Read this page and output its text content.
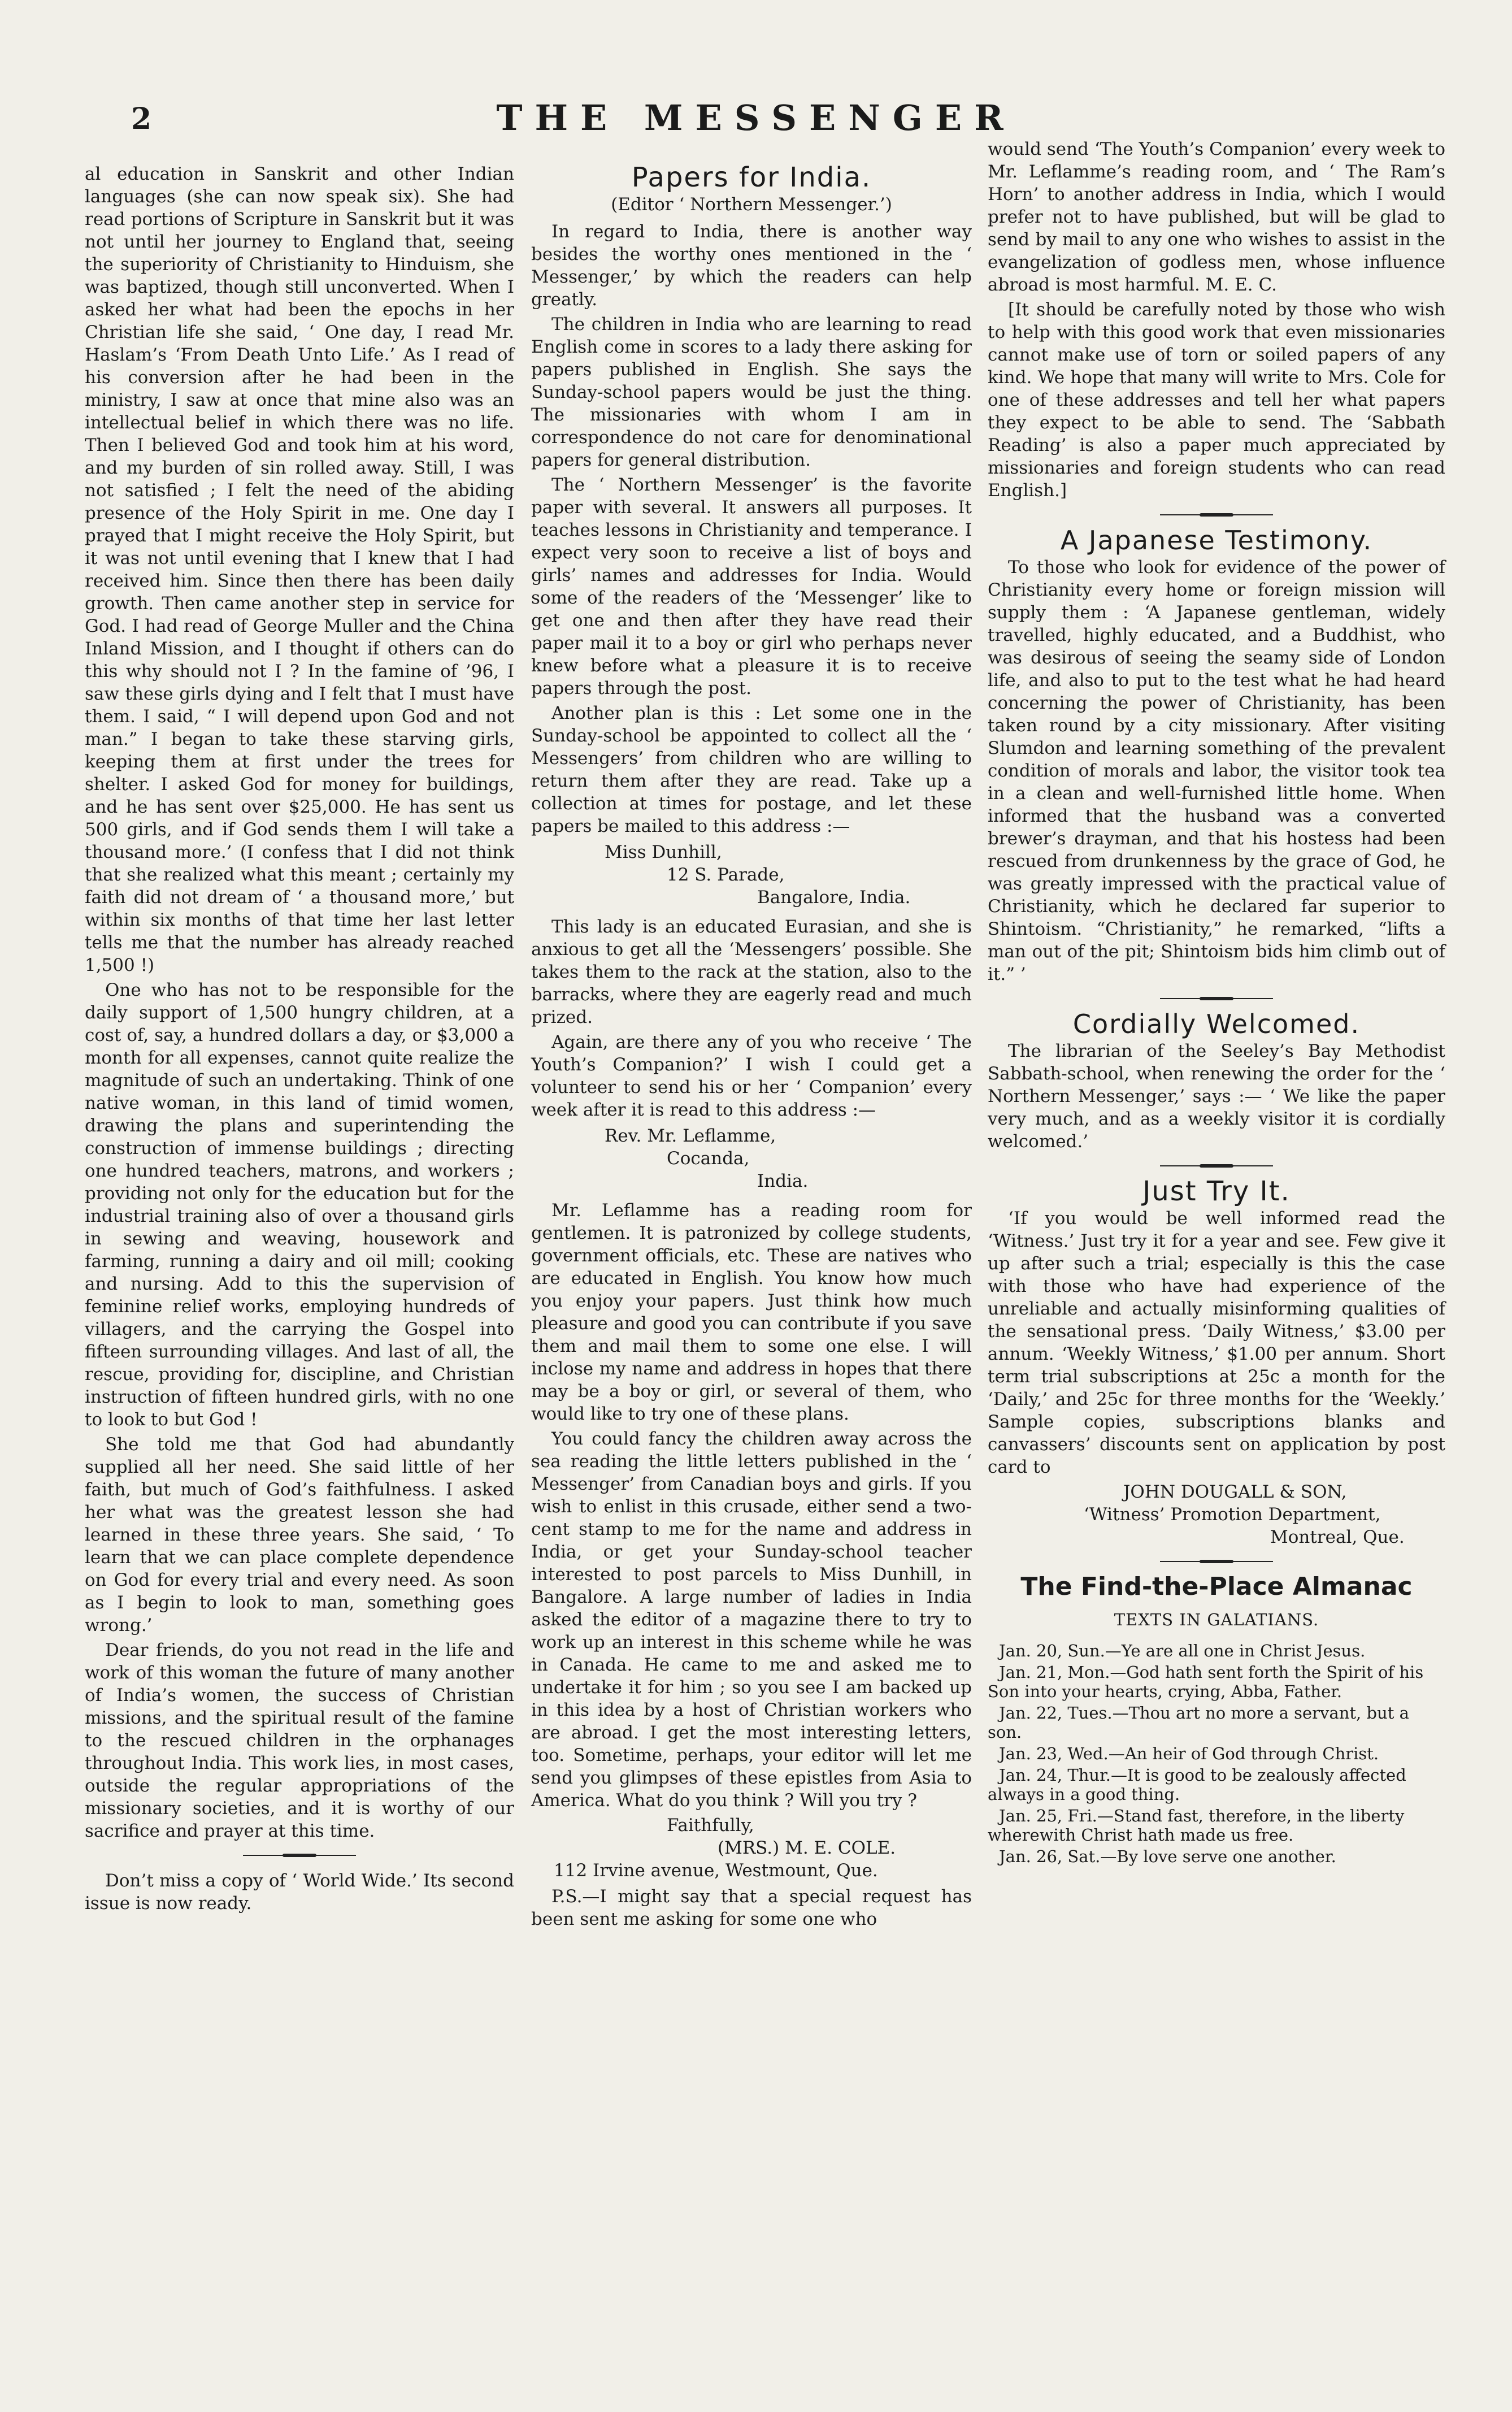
2	THE MESSENGER

al education in Sanskrit and other Indian languages (she can now speak six). She had read portions of Scripture in Sanskrit but it was not until her journey to England that, seeing the superiority of Christianity to Hinduism, she was baptized, though still unconverted. When I asked her what had been the epochs in her Christian life she said, ‘ One day, I read Mr. Haslam’s ‘From Death Unto Life.’ As I read of his conversion after he had been in the ministry, I saw at once that mine also was an intellectual belief in which there was no life. Then I believed God and took him at his word, and my burden of sin rolled away. Still, I was not satisfied ; I felt the need of the abiding presence of the Holy Spirit in me. One day I prayed that I might receive the Holy Spirit, but it was not until evening that I knew that I had received him. Since then there has been daily growth. Then came another step in service for God. I had read of George Muller and the China Inland Mission, and I thought if others can do this why should not I ? In the famine of ’96, I saw these girls dying and I felt that I must have them. I said, “ I will depend upon God and not man.” I began to take these starving girls, keeping them at first under the trees for shelter. I asked God for money for buildings, and he has sent over $25,000. He has sent us 500 girls, and if God sends them I will take a thousand more.’ (I confess that I did not think that she realized what this meant ; certainly my faith did not dream of ‘ a thousand more,’ but within six months of that time her last letter tells me that the number has already reached 1,500 !)

One who has not to be responsible for the daily support of 1,500 hungry children, at a cost of, say, a hundred dollars a day, or $3,000 a month for all expenses, cannot quite realize the magnitude of such an undertaking. Think of one native woman, in this land of timid women, drawing the plans and superintending the construction of immense buildings ; directing one hundred teachers, matrons, and workers ; providing not only for the education but for the industrial training also of over a thousand girls in sewing and weaving, housework and farming, running a dairy and oil mill; cooking and nursing. Add to this the supervision of feminine relief works, employing hundreds of villagers, and the carrying the Gospel into fifteen surrounding villages. And last of all, the rescue, providing for, discipline, and Christian instruction of fifteen hundred girls, with no one to look to but God !

She told me that God had abundantly supplied all her need. She said little of her faith, but much of God’s faithfulness. I asked her what was the greatest lesson she had learned in these three years. She said, ‘ To learn that we can place complete dependence on God for every trial and every need. As soon as I begin to look to man, something goes wrong.’

Dear friends, do you not read in the life and work of this woman the future of many another of India’s women, the success of Christian missions, and the spiritual result of the famine to the rescued children in the orphanages throughout India. This work lies, in most cases, outside the regular appropriations of the missionary societies, and it is worthy of our sacrifice and prayer at this time.

Don’t miss a copy of ‘ World Wide.’ Its second issue is now ready.

Papers for India.
(Editor ‘ Northern Messenger.’)

In regard to India, there is another way besides the worthy ones mentioned in the ‘ Messenger,’ by which the readers can help greatly.

The children in India who are learning to read English come in scores to a lady there asking for papers published in English. She says the Sunday-school papers would be just the thing. The missionaries with whom I am in correspondence do not care for denominational papers for general distribution.

The ‘ Northern Messenger’ is the favorite paper with several. It answers all purposes. It teaches lessons in Christianity and temperance. I expect very soon to receive a list of boys and girls’ names and addresses for India. Would some of the readers of the ‘Messenger’ like to get one and then after they have read their paper mail it to a boy or girl who perhaps never knew before what a pleasure it is to receive papers through the post.

Another plan is this : Let some one in the Sunday-school be appointed to collect all the ‘ Messengers’ from children who are willing to return them after they are read. Take up a collection at times for postage, and let these papers be mailed to this address :—

Miss Dunhill,
12 S. Parade,
Bangalore, India.

This lady is an educated Eurasian, and she is anxious to get all the ‘Messengers’ possible. She takes them to the rack at the station, also to the barracks, where they are eagerly read and much prized.

Again, are there any of you who receive ‘ The Youth’s Companion?’ I wish I could get a volunteer to send his or her ‘ Companion’ every week after it is read to this address :—

Rev. Mr. Leflamme,
Cocanda,
India.

Mr. Leflamme has a reading room for gentlemen. It is patronized by college students, government officials, etc. These are natives who are educated in English. You know how much you enjoy your papers. Just think how much pleasure and good you can contribute if you save them and mail them to some one else. I will inclose my name and address in hopes that there may be a boy or girl, or several of them, who would like to try one of these plans.

You could fancy the children away across the sea reading the little letters published in the ‘ Messenger’ from Canadian boys and girls. If you wish to enlist in this crusade, either send a two-cent stamp to me for the name and address in India, or get your Sunday-school teacher interested to post parcels to Miss Dunhill, in Bangalore. A large number of ladies in India asked the editor of a magazine there to try to work up an interest in this scheme while he was in Canada. He came to me and asked me to undertake it for him ; so you see I am backed up in this idea by a host of Christian workers who are abroad. I get the most interesting letters, too. Sometime, perhaps, your editor will let me send you glimpses of these epistles from Asia to America. What do you think ? Will you try ?

Faithfully,
(MRS.) M. E. COLE.
112 Irvine avenue, Westmount, Que.

P.S.—I might say that a special request has been sent me asking for some one who

would send ‘The Youth’s Companion’ every week to Mr. Leflamme’s reading room, and ‘ The Ram’s Horn’ to another address in India, which I would prefer not to have published, but will be glad to send by mail to any one who wishes to assist in the evangelization of godless men, whose influence abroad is most harmful. M. E. C.

[It should be carefully noted by those who wish to help with this good work that even missionaries cannot make use of torn or soiled papers of any kind. We hope that many will write to Mrs. Cole for one of these addresses and tell her what papers they expect to be able to send. The ‘Sabbath Reading’ is also a paper much appreciated by missionaries and foreign students who can read English.]

A Japanese Testimony.

To those who look for evidence of the power of Christianity every home or foreign mission will supply them : ‘A Japanese gentleman, widely travelled, highly educated, and a Buddhist, who was desirous of seeing the seamy side of London life, and also to put to the test what he had heard concerning the power of Christianity, has been taken round by a city missionary. After visiting Slumdon and learning something of the prevalent condition of morals and labor, the visitor took tea in a clean and well-furnished little home. When informed that the husband was a converted brewer’s drayman, and that his hostess had been rescued from drunkenness by the grace of God, he was greatly impressed with the practical value of Christianity, which he declared far superior to Shintoism. “Christianity,” he remarked, “lifts a man out of the pit; Shintoism bids him climb out of it.” ’

Cordially Welcomed.

The librarian of the Seeley’s Bay Methodist Sabbath-school, when renewing the order for the ‘ Northern Messenger,’ says :— ‘ We like the paper very much, and as a weekly visitor it is cordially welcomed.’

Just Try It.

‘If you would be well informed read the ‘Witness.’ Just try it for a year and see. Few give it up after such a trial; especially is this the case with those who have had experience of the unreliable and actually misinforming qualities of the sensational press. ‘Daily Witness,’ $3.00 per annum. ‘Weekly Witness,’ $1.00 per annum. Short term trial subscriptions at 25c a month for the ‘Daily,’ and 25c for three months for the ‘Weekly.’ Sample copies, subscriptions blanks and canvassers’ discounts sent on application by post card to

JOHN DOUGALL & SON,
‘Witness’ Promotion Department,
Montreal, Que.
The Find-the-Place Almanac
TEXTS IN GALATIANS.

Jan. 20, Sun.—Ye are all one in Christ Jesus.

Jan. 21, Mon.—God hath sent forth the Spirit of his Son into your hearts, crying, Abba, Father.

Jan. 22, Tues.—Thou art no more a servant, but a son.

Jan. 23, Wed.—An heir of God through Christ.

Jan. 24, Thur.—It is good to be zealously affected always in a good thing.

Jan. 25, Fri.—Stand fast, therefore, in the liberty wherewith Christ hath made us free.

Jan. 26, Sat.—By love serve one another.
